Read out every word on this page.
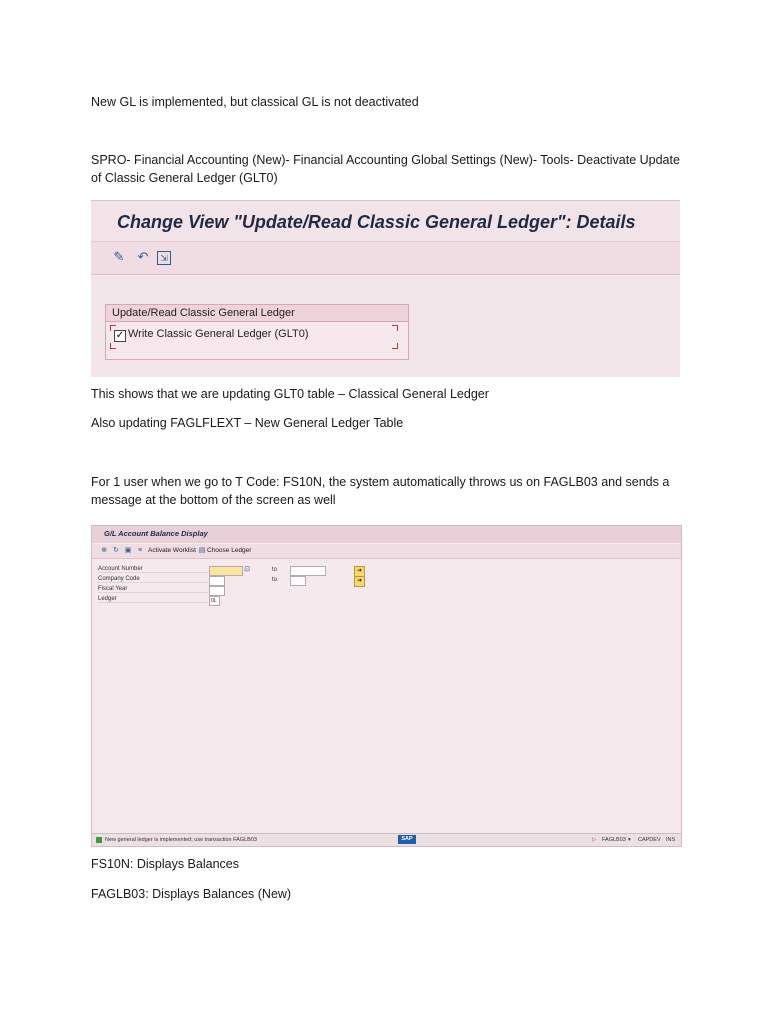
New GL is implemented, but classical GL is not deactivated
SPRO- Financial Accounting (New)- Financial Accounting Global Settings (New)- Tools- Deactivate Update
of Classic General Ledger (GLT0)
Change View "Update/Read Classic General Ledger": Details
✎ ↶	⇲
Update/Read Classic General Ledger
✓ Write Classic General Ledger (GLT0)
This shows that we are updating GLT0 table – Classical General Ledger
Also updating FAGLFLEXT – New General Ledger Table
For 1 user when we go to T Code: FS10N, the system automatically throws us on FAGLB03 and sends a
message at the bottom of the screen as well
G/L Account Balance Display
⊕ ↻ ▣ ≡ Activate Worklist ▤ Choose Ledger
Account Number	⊡	to	➜
Company Code	to	➜
Fiscal Year
Ledger	0L
New general ledger is implemented; use transaction FAGLB03	SAP	▷ FAGLB03 ▾ CAPDEV INS
FS10N: Displays Balances
FAGLB03: Displays Balances (New)
